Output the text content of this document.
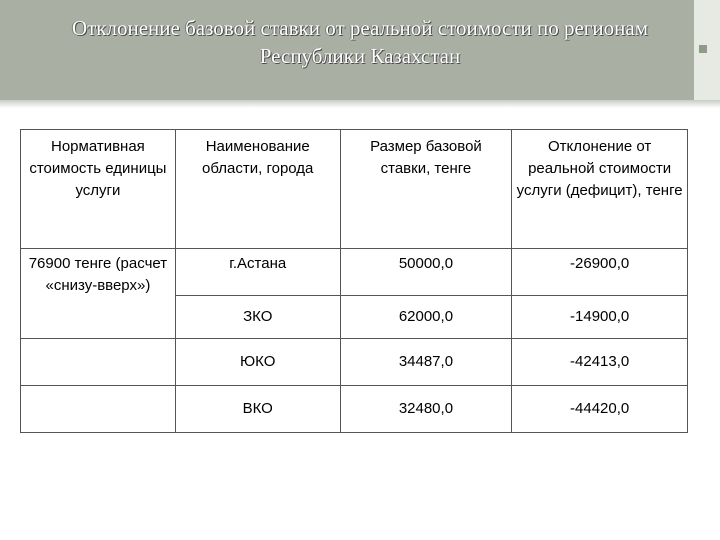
Отклонение базовой ставки от реальной стоимости по регионам
Республики Казахстан
Нормативная стоимость единицы услуги	Наименование области, города	Размер базовой ставки, тенге	Отклонение от реальной стоимости услуги (дефицит), тенге
76900 тенге (расчет «снизу-вверх»)	г.Астана	50000,0	-26900,0
	ЗКО	62000,0	-14900,0
	ЮКО	34487,0	-42413,0
	ВКО	32480,0	-44420,0
